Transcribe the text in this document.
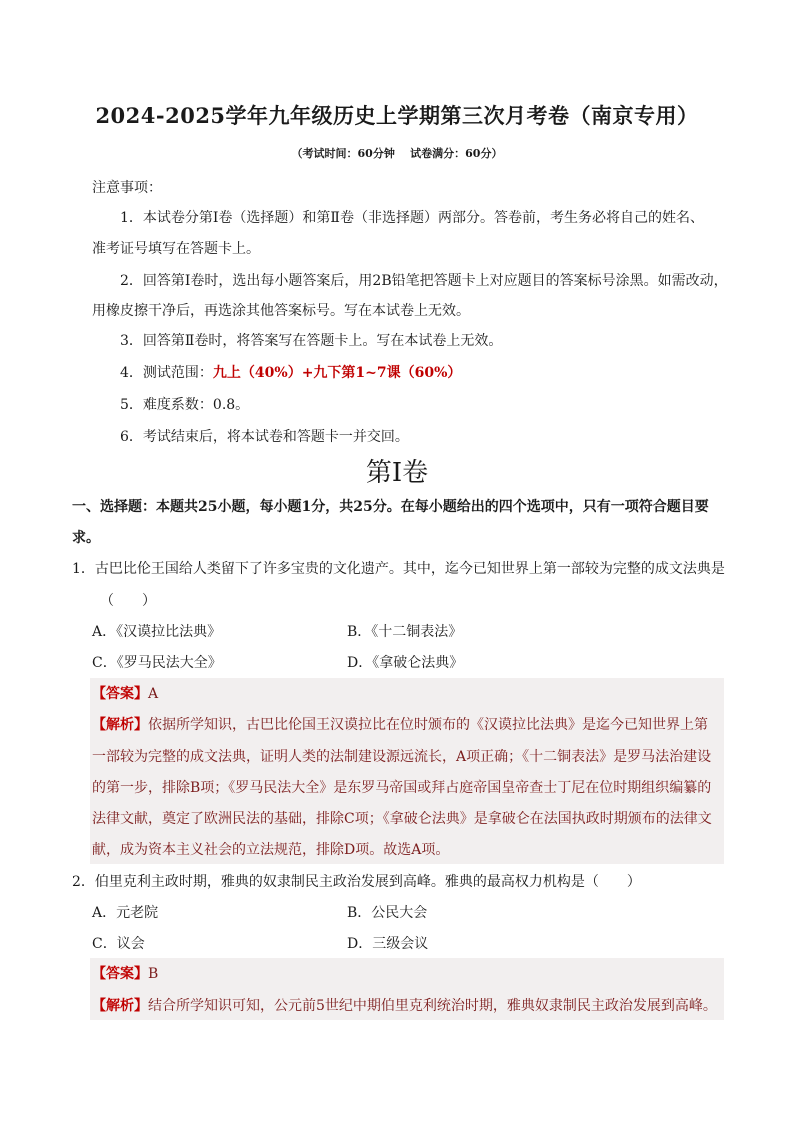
2024-2025学年九年级历史上学期第三次月考卷（南京专用）
（考试时间：60分钟    试卷满分：60分）
注意事项：
1．本试卷分第Ⅰ卷（选择题）和第Ⅱ卷（非选择题）两部分。答卷前，考生务必将自己的姓名、
准考证号填写在答题卡上。
2．回答第Ⅰ卷时，选出每小题答案后，用2B铅笔把答题卡上对应题目的答案标号涂黑。如需改动，
用橡皮擦干净后，再选涂其他答案标号。写在本试卷上无效。
3．回答第Ⅱ卷时，将答案写在答题卡上。写在本试卷上无效。
4．测试范围：九上（40%）+九下第1~7课（60%）
5．难度系数：0.8。
6．考试结束后，将本试卷和答题卡一并交回。
第Ⅰ卷
一、选择题：本题共25小题，每小题1分，共25分。在每小题给出的四个选项中，只有一项符合题目要
求。
1．古巴比伦王国给人类留下了许多宝贵的文化遗产。其中，迄今已知世界上第一部较为完整的成文法典是
（　　）
A．《汉谟拉比法典》	B．《十二铜表法》
C．《罗马民法大全》	D．《拿破仑法典》
【答案】A
【解析】依据所学知识，古巴比伦国王汉谟拉比在位时颁布的《汉谟拉比法典》是迄今已知世界上第
一部较为完整的成文法典，证明人类的法制建设源远流长，A项正确；《十二铜表法》是罗马法治建设
的第一步，排除B项；《罗马民法大全》是东罗马帝国或拜占庭帝国皇帝查士丁尼在位时期组织编纂的
法律文献，奠定了欧洲民法的基础，排除C项；《拿破仑法典》是拿破仑在法国执政时期颁布的法律文
献，成为资本主义社会的立法规范，排除D项。故选A项。
2．伯里克利主政时期，雅典的奴隶制民主政治发展到高峰。雅典的最高权力机构是（　　）
A．元老院	B．公民大会
C．议会	D．三级会议
【答案】B
【解析】结合所学知识可知，公元前5世纪中期伯里克利统治时期，雅典奴隶制民主政治发展到高峰。
